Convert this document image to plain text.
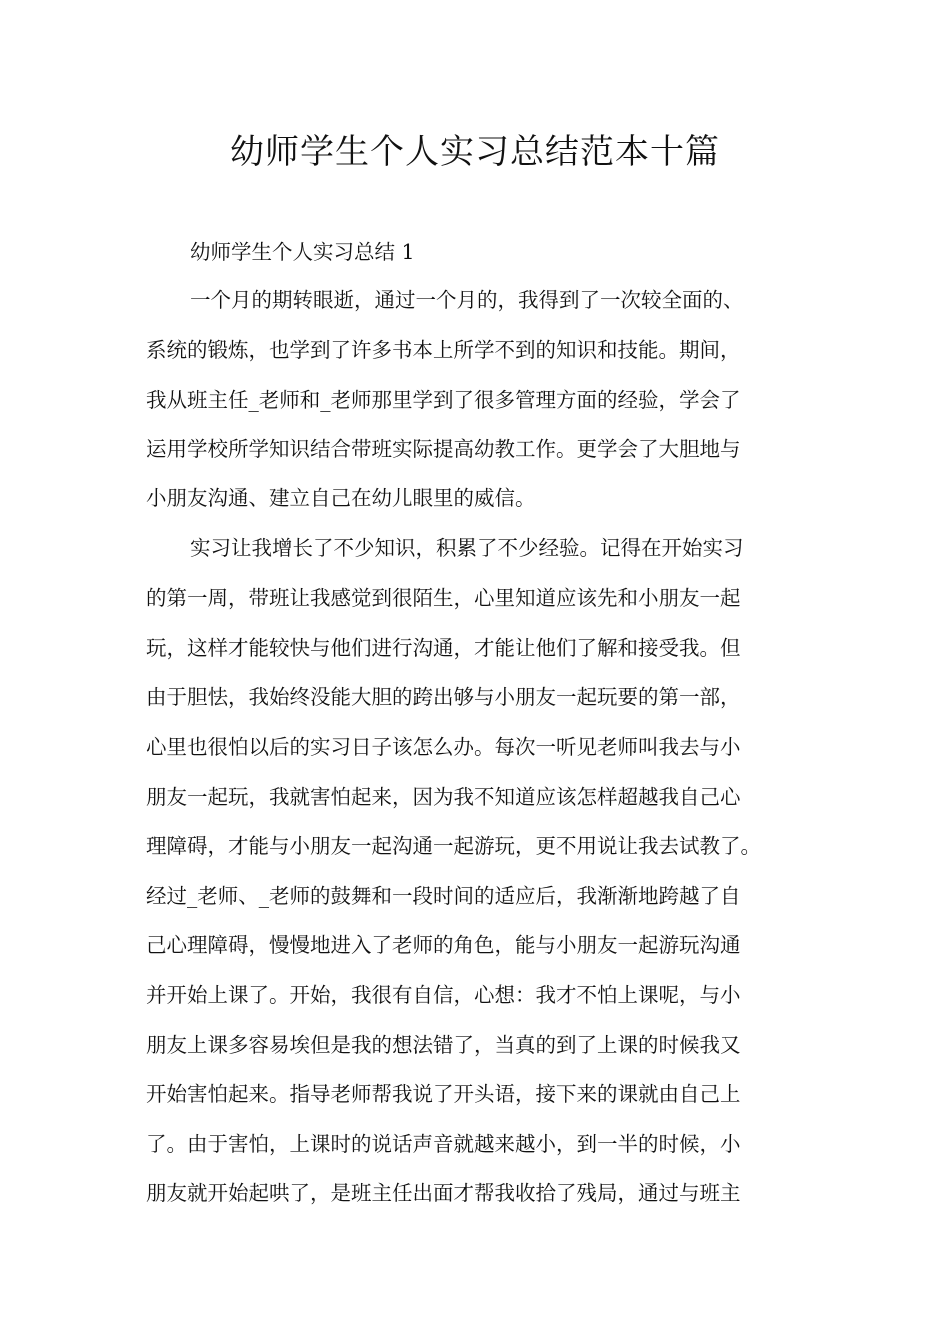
幼师学生个人实习总结范本十篇
幼师学生个人实习总结 1

一个月的期转眼逝，通过一个月的，我得到了一次较全面的、

系统的锻炼，也学到了许多书本上所学不到的知识和技能。期间，

我从班主任_老师和_老师那里学到了很多管理方面的经验，学会了

运用学校所学知识结合带班实际提高幼教工作。更学会了大胆地与

小朋友沟通、建立自己在幼儿眼里的威信。

实习让我增长了不少知识，积累了不少经验。记得在开始实习

的第一周，带班让我感觉到很陌生，心里知道应该先和小朋友一起

玩，这样才能较快与他们进行沟通，才能让他们了解和接受我。但

由于胆怯，我始终没能大胆的跨出够与小朋友一起玩要的第一部，

心里也很怕以后的实习日子该怎么办。每次一听见老师叫我去与小

朋友一起玩，我就害怕起来，因为我不知道应该怎样超越我自己心

理障碍，才能与小朋友一起沟通一起游玩，更不用说让我去试教了。

经过_老师、_老师的鼓舞和一段时间的适应后，我渐渐地跨越了自

己心理障碍，慢慢地进入了老师的角色，能与小朋友一起游玩沟通

并开始上课了。开始，我很有自信，心想：我才不怕上课呢，与小

朋友上课多容易埃但是我的想法错了，当真的到了上课的时候我又

开始害怕起来。指导老师帮我说了开头语，接下来的课就由自己上

了。由于害怕，上课时的说话声音就越来越小，到一半的时候，小

朋友就开始起哄了，是班主任出面才帮我收拾了残局，通过与班主
